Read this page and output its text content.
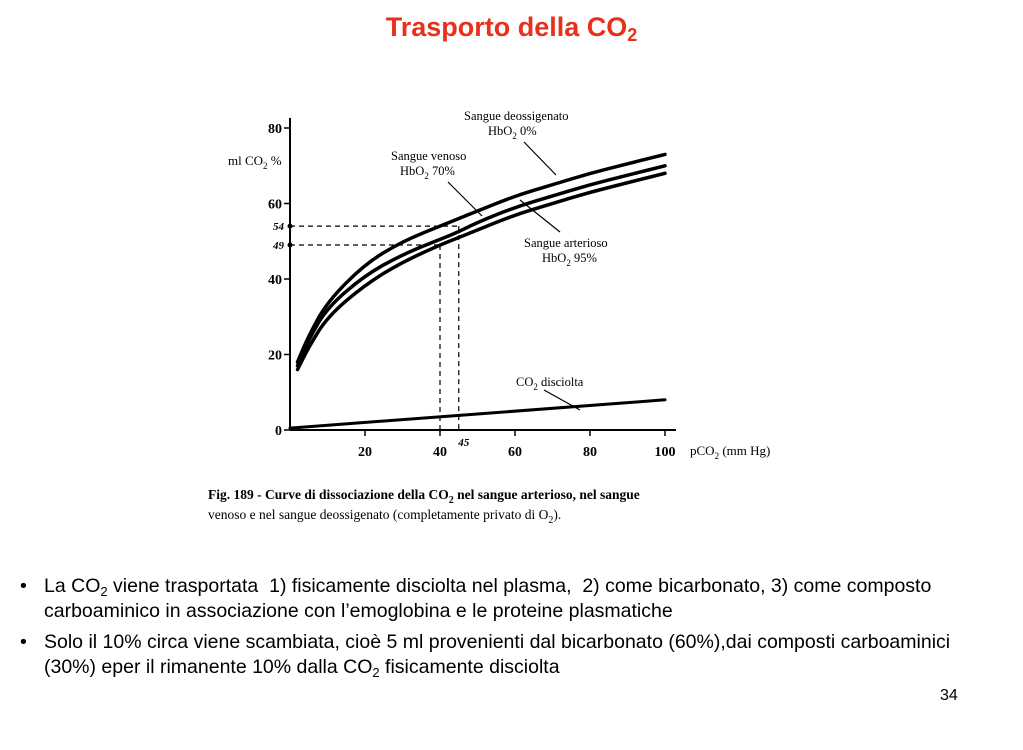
Trasporto della $CO_2$
0
20
40
60
80
20	40	60	80	100
54
49
45
ml $CO_2$ %
pCO$_2$ (mm Hg)
Sangue deossigenato
HbO$_2$ 0%
Sangue venoso
HbO$_2$ 70%
Sangue arterioso
HbO$_2$ 95%
$CO_2$ disciolta
Fig. 189 - Curve di dissociazione della $CO_2$ nel sangue arterioso, nel sangue
venoso e nel sangue deossigenato (completamente privato di $O_2$).
• La $CO_2$ viene trasportata  1) fisicamente disciolta nel plasma,  2) come bicarbonato, 3) come composto carboaminico in associazione con l’emoglobina e le proteine plasmatiche
• Solo il 10% circa viene scambiata, cioè 5 ml provenienti dal bicarbonato (60%),dai composti carboaminici (30%) eper il rimanente 10% dalla $CO_2$ fisicamente disciolta
34
